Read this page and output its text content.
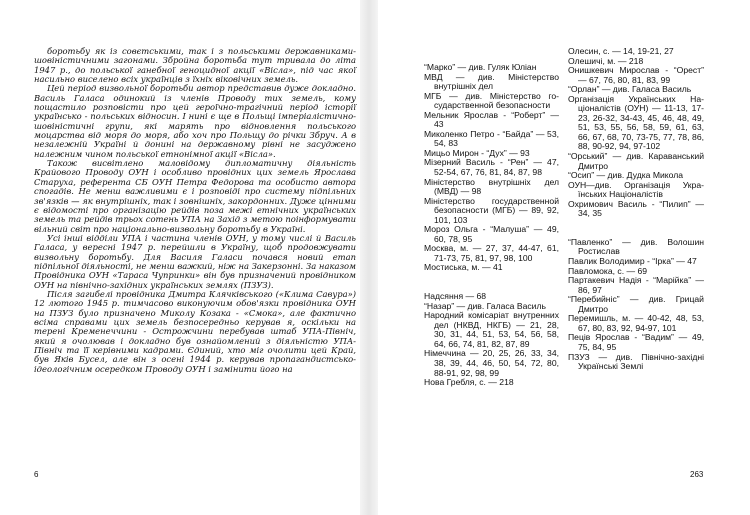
боротьбу як із совєтськими, так і з польськими державниками-шовіністичними загонами. Збройна боротьба тут тривала до літа 1947 р., до польської ганебної геноцидної акції «Вісла», під час якої насильно виселено всіх українців з їхніх віковічних земель.

Цей період визвольної боротьби автор представив дуже докладно. Василь Галаса одинокий із членів Проводу тих земель, кому пощастило розповісти про цей героїчно-трагічний період історії українсько - польських відносин. І нині є ще в Польщі імперіалістично-шовіністичні групи, які марять про відновлення польського моцарства від моря до моря, або хоч про Польщу до річки Збруч. А в незалежній Україні й донині на державному рівні не засуджено належним чином польської етнонімної акції «Вісла».

Також висвітлено маловідому дипломатичну діяльність Крайового Проводу ОУН і особливо провідних цих земель Ярослава Старуха, референта СБ ОУН Петра Федорова та особисто автора спогадів. Не менш важливими є і розповіді про систему підпільних зв'язків — як внутрішніх, так і зовнішніх, закордонних. Дуже цінними є відомості про організацію рейдів поза межі етнічних українських земель та рейдів трьох сотень УПА на Захід з метою поінформувати вільний світ про національно-визвольну боротьбу в Україні.

Усі інші відділи УПА і частина членів ОУН, у тому числі й Василь Галаса, у вересні 1947 р. перейшли в Україну, щоб продовжувати визвольну боротьбу. Для Василя Галаси почався новий етап підпільної діяльності, не менш важкий, ніж на Закерзонні. За наказом Провідника ОУН «Тараса Чупринки» він був призначений провідником ОУН на північно-західних українських землях (ПЗУЗ).

Після загибелі провідника Дмитра Клячківського («Клима Савура») 12 лютого 1945 р. тимчасово виконуючим обов'язки провідника ОУН на ПЗУЗ було призначено Миколу Козака - «Смока», але фактично всіма справами цих земель безпосередньо керував я, оскільки на терені Кременеччини - Острожчини перебував штаб УПА-Північ, який я очолював і докладно був ознайомлений з діяльністю УПА-Північ та її керівними кадрами. Єдиний, хто міг очолити цей Край, був Яків Бусел, але він з осені 1944 р. керував пропагандистсько-ідеологічним осередком Проводу ОУН і замінити його на

6
“Марко” — див. Гуляк Юліан
МВД — див. Міністерство внутрішніх дел
МГБ — див. Міністерство государственной безопасности
Мельник Ярослав - “Роберт” — 43
Миколенко Петро - “Байда” — 53, 54, 83
Мицьо Мирон - “Дух” — 93
Мізерний Василь - “Рен” — 47, 52-54, 67, 76, 81, 84, 87, 98
Міністерство внутрішніх дел (МВД) — 98
Міністерство государственной безопасности (МГБ) — 89, 92, 101, 103
Мороз Ольга - “Малуша” — 49, 60, 78, 95
Москва, м. — 27, 37, 44-47, 61, 71-73, 75, 81, 97, 98, 100
Мостиська, м. — 41
Надсяння — 68
“Назар” — див. Галаса Василь
Народний комісаріат внутренних дел (НКВД, НКГБ) — 21, 28, 30, 31, 44, 51, 53, 54, 56, 58, 64, 66, 74, 81, 82, 87, 89
Німеччина — 20, 25, 26, 33, 34, 38, 39, 44, 46, 50, 54, 72, 80, 88-91, 92, 98, 99
Нова Гребля, с. — 218
Олесин, с. — 14, 19-21, 27
Олешичі, м. — 218
Онишкевич Мирослав - “Орест” — 67, 76, 80, 81, 83, 99
“Орлан” — див. Галаса Василь
Організація Українських Націоналістів (ОУН) — 11-13, 17-23, 26-32, 34-43, 45, 46, 48, 49, 51, 53, 55, 56, 58, 59, 61, 63, 66, 67, 68, 70, 73-75, 77, 78, 86, 88, 90-92, 94, 97-102
“Орський” — див. Караванський Дмитро
“Осип” — див. Дудка Микола
ОУН—див. Організація Українських Націоналістів
Охримович Василь - “Пилип” — 34, 35
“Павленко” — див. Волошин Ростислав
Павлик Володимир - “Ірка” — 47
Павломока, с. — 69
Партакевич Надія - “Марійка” — 86, 97
“Перебийніс” — див. Грицай Дмитро
Перемишль, м. — 40-42, 48, 53, 67, 80, 83, 92, 94-97, 101
Пеців Ярослав - “Вадим” — 49, 75, 84, 95
ПЗУЗ — див. Північно-західні Українські Землі
263
